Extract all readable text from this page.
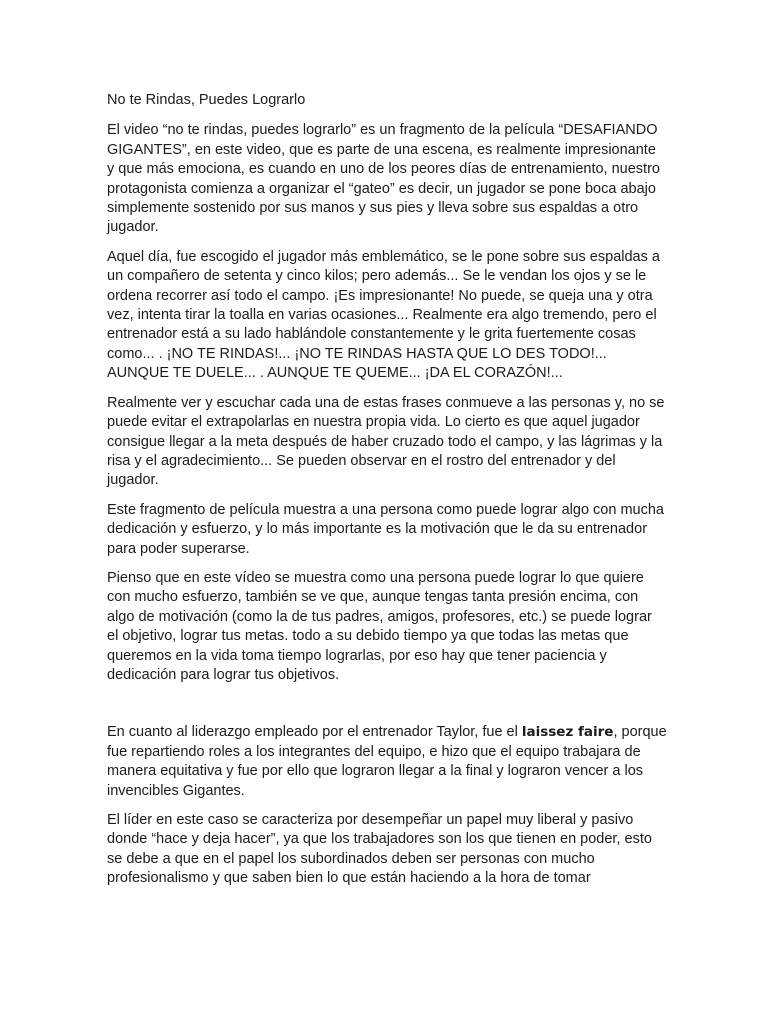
No te Rindas, Puedes Lograrlo

El video “no te rindas, puedes lograrlo” es un fragmento de la película “DESAFIANDO GIGANTES”, en este video, que es parte de una escena, es realmente impresionante y que más emociona, es cuando en uno de los peores días de entrenamiento, nuestro protagonista comienza a organizar el “gateo” es decir, un jugador se pone boca abajo simplemente sostenido por sus manos y sus pies y lleva sobre sus espaldas a otro jugador.

Aquel día, fue escogido el jugador más emblemático, se le pone sobre sus espaldas a un compañero de setenta y cinco kilos; pero además... Se le vendan los ojos y se le ordena recorrer así todo el campo. ¡Es impresionante! No puede, se queja una y otra vez, intenta tirar la toalla en varias ocasiones... Realmente era algo tremendo, pero el entrenador está a su lado hablándole constantemente y le grita fuertemente cosas como... . ¡NO TE RINDAS!... ¡NO TE RINDAS HASTA QUE LO DES TODO!... AUNQUE TE DUELE... . AUNQUE TE QUEME... ¡DA EL CORAZÓN!...

Realmente ver y escuchar cada una de estas frases conmueve a las personas y, no se puede evitar el extrapolarlas en nuestra propia vida. Lo cierto es que aquel jugador consigue llegar a la meta después de haber cruzado todo el campo, y las lágrimas y la risa y el agradecimiento... Se pueden observar en el rostro del entrenador y del jugador.

Este fragmento de película muestra a una persona como puede lograr algo con mucha dedicación y esfuerzo, y lo más importante es la motivación que le da su entrenador para poder superarse.

Pienso que en este vídeo se muestra como una persona puede lograr lo que quiere con mucho esfuerzo, también se ve que, aunque tengas tanta presión encima, con algo de motivación (como la de tus padres, amigos, profesores, etc.) se puede lograr el objetivo, lograr tus metas. todo a su debido tiempo ya que todas las metas que queremos en la vida toma tiempo lograrlas, por eso hay que tener paciencia y dedicación para lograr tus objetivos.

En cuanto al liderazgo empleado por el entrenador Taylor, fue el laissez faire, porque fue repartiendo roles a los integrantes del equipo, e hizo que el equipo trabajara de manera equitativa y fue por ello que lograron llegar a la final y lograron vencer a los invencibles Gigantes.

El líder en este caso se caracteriza por desempeñar un papel muy liberal y pasivo donde “hace y deja hacer”, ya que los trabajadores son los que tienen en poder, esto se debe a que en el papel los subordinados deben ser personas con mucho profesionalismo y que saben bien lo que están haciendo a la hora de tomar
